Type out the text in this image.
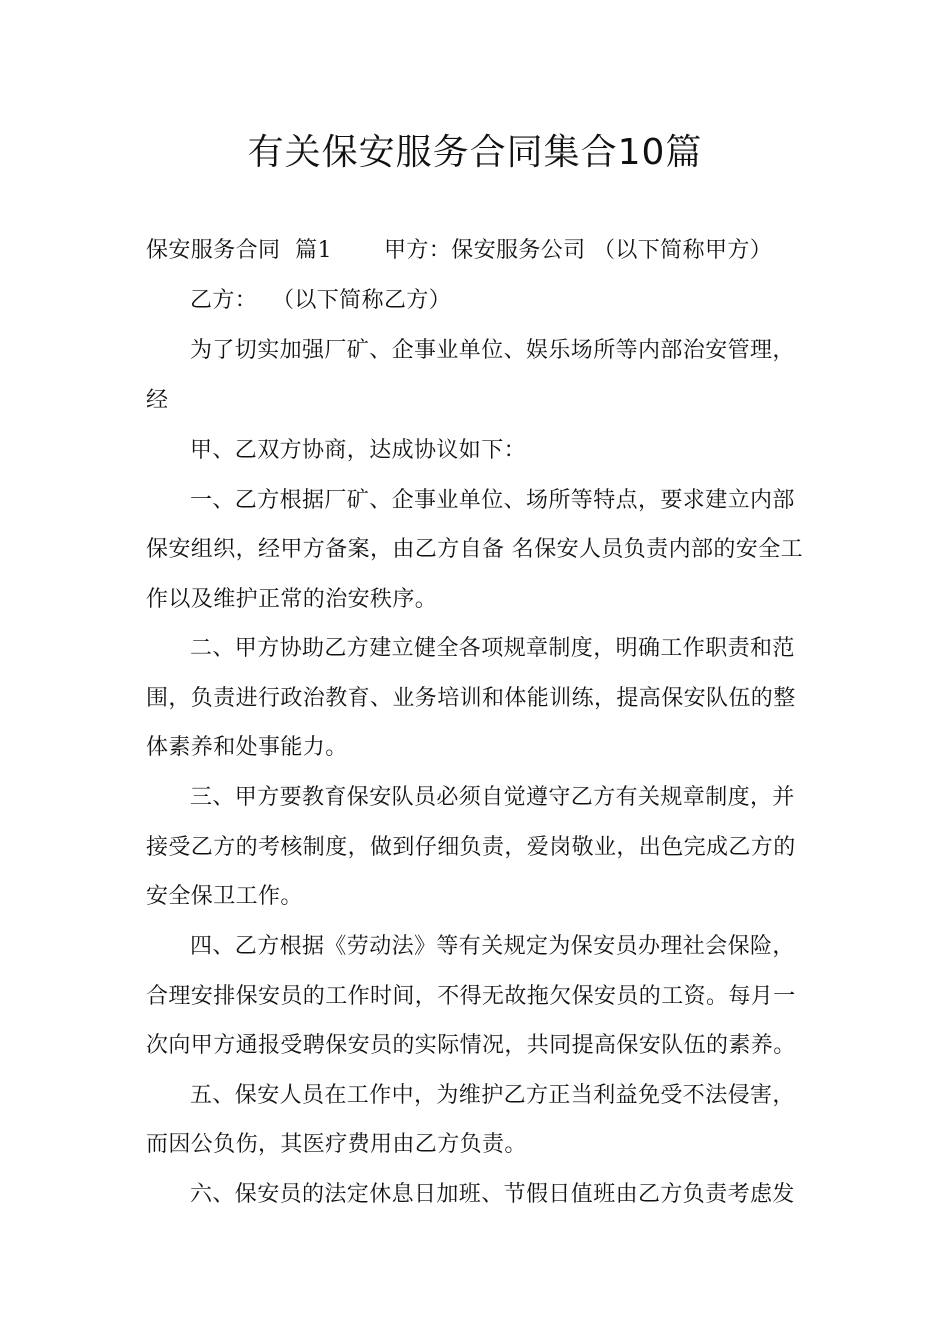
有关保安服务合同集合10篇
保安服务合同  篇1 甲方：保安服务公司 （以下简称甲方）
乙方：  （以下简称乙方）
为了切实加强厂矿、企事业单位、娱乐场所等内部治安管理，
经
甲、乙双方协商，达成协议如下：
一、乙方根据厂矿、企事业单位、场所等特点，要求建立内部
保安组织，经甲方备案，由乙方自备 名保安人员负责内部的安全工
作以及维护正常的治安秩序。
二、甲方协助乙方建立健全各项规章制度，明确工作职责和范
围，负责进行政治教育、业务培训和体能训练，提高保安队伍的整
体素养和处事能力。
三、甲方要教育保安队员必须自觉遵守乙方有关规章制度，并
接受乙方的考核制度，做到仔细负责，爱岗敬业，出色完成乙方的
安全保卫工作。
四、乙方根据《劳动法》等有关规定为保安员办理社会保险，
合理安排保安员的工作时间，不得无故拖欠保安员的工资。每月一
次向甲方通报受聘保安员的实际情况，共同提高保安队伍的素养。
五、保安人员在工作中，为维护乙方正当利益免受不法侵害，
而因公负伤，其医疗费用由乙方负责。
六、保安员的法定休息日加班、节假日值班由乙方负责考虑发
